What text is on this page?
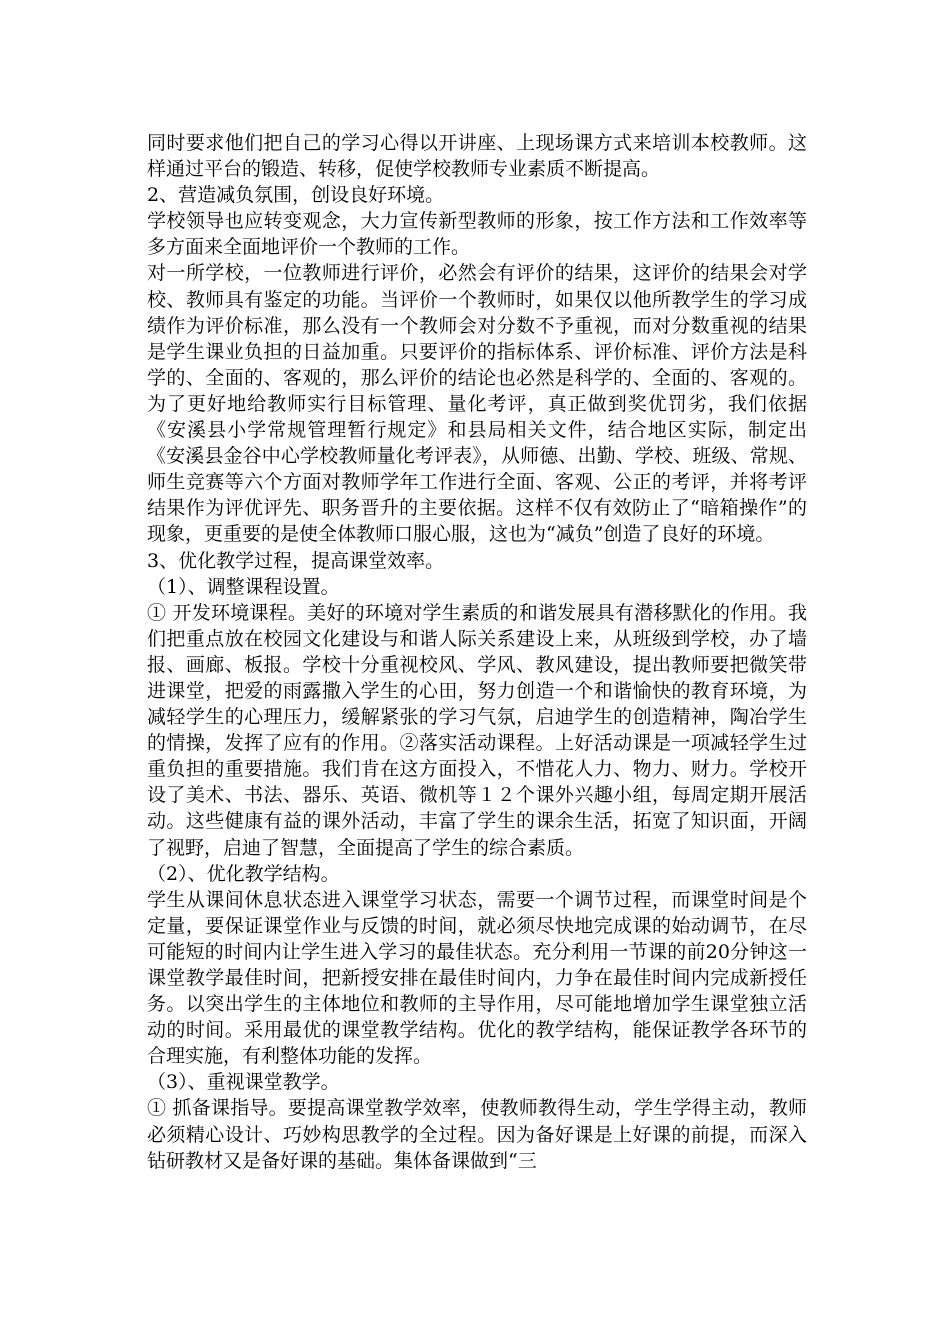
同时要求他们把自己的学习心得以开讲座、上现场课方式来培训本校教师。这样通过平台的锻造、转移，促使学校教师专业素质不断提高。

2、营造减负氛围，创设良好环境。

学校领导也应转变观念，大力宣传新型教师的形象，按工作方法和工作效率等多方面来全面地评价一个教师的工作。

对一所学校，一位教师进行评价，必然会有评价的结果，这评价的结果会对学校、教师具有鉴定的功能。当评价一个教师时，如果仅以他所教学生的学习成绩作为评价标准，那么没有一个教师会对分数不予重视，而对分数重视的结果是学生课业负担的日益加重。只要评价的指标体系、评价标准、评价方法是科学的、全面的、客观的，那么评价的结论也必然是科学的、全面的、客观的。为了更好地给教师实行目标管理、量化考评，真正做到奖优罚劣，我们依据《安溪县小学常规管理暂行规定》和县局相关文件，结合地区实际，制定出《安溪县金谷中心学校教师量化考评表》，从师德、出勤、学校、班级、常规、师生竞赛等六个方面对教师学年工作进行全面、客观、公正的考评，并将考评结果作为评优评先、职务晋升的主要依据。这样不仅有效防止了“暗箱操作”的现象，更重要的是使全体教师口服心服，这也为“减负”创造了良好的环境。

3、优化教学过程，提高课堂效率。

（1）、调整课程设置。

① 开发环境课程。美好的环境对学生素质的和谐发展具有潜移默化的作用。我们把重点放在校园文化建设与和谐人际关系建设上来，从班级到学校，办了墙报、画廊、板报。学校十分重视校风、学风、教风建设，提出教师要把微笑带进课堂，把爱的雨露撒入学生的心田，努力创造一个和谐愉快的教育环境，为减轻学生的心理压力，缓解紧张的学习气氛，启迪学生的创造精神，陶冶学生的情操，发挥了应有的作用。②落实活动课程。上好活动课是一项减轻学生过重负担的重要措施。我们肯在这方面投入，不惜花人力、物力、财力。学校开设了美术、书法、器乐、英语、微机等１２个课外兴趣小组，每周定期开展活动。这些健康有益的课外活动，丰富了学生的课余生活，拓宽了知识面，开阔了视野，启迪了智慧，全面提高了学生的综合素质。

（2）、优化教学结构。

学生从课间休息状态进入课堂学习状态，需要一个调节过程，而课堂时间是个定量，要保证课堂作业与反馈的时间，就必须尽快地完成课的始动调节，在尽可能短的时间内让学生进入学习的最佳状态。充分利用一节课的前20分钟这一课堂教学最佳时间，把新授安排在最佳时间内，力争在最佳时间内完成新授任务。以突出学生的主体地位和教师的主导作用，尽可能地增加学生课堂独立活动的时间。采用最优的课堂教学结构。优化的教学结构，能保证教学各环节的合理实施，有利整体功能的发挥。

（3）、重视课堂教学。

① 抓备课指导。要提高课堂教学效率，使教师教得生动，学生学得主动，教师必须精心设计、巧妙构思教学的全过程。因为备好课是上好课的前提，而深入钻研教材又是备好课的基础。集体备课做到“三
